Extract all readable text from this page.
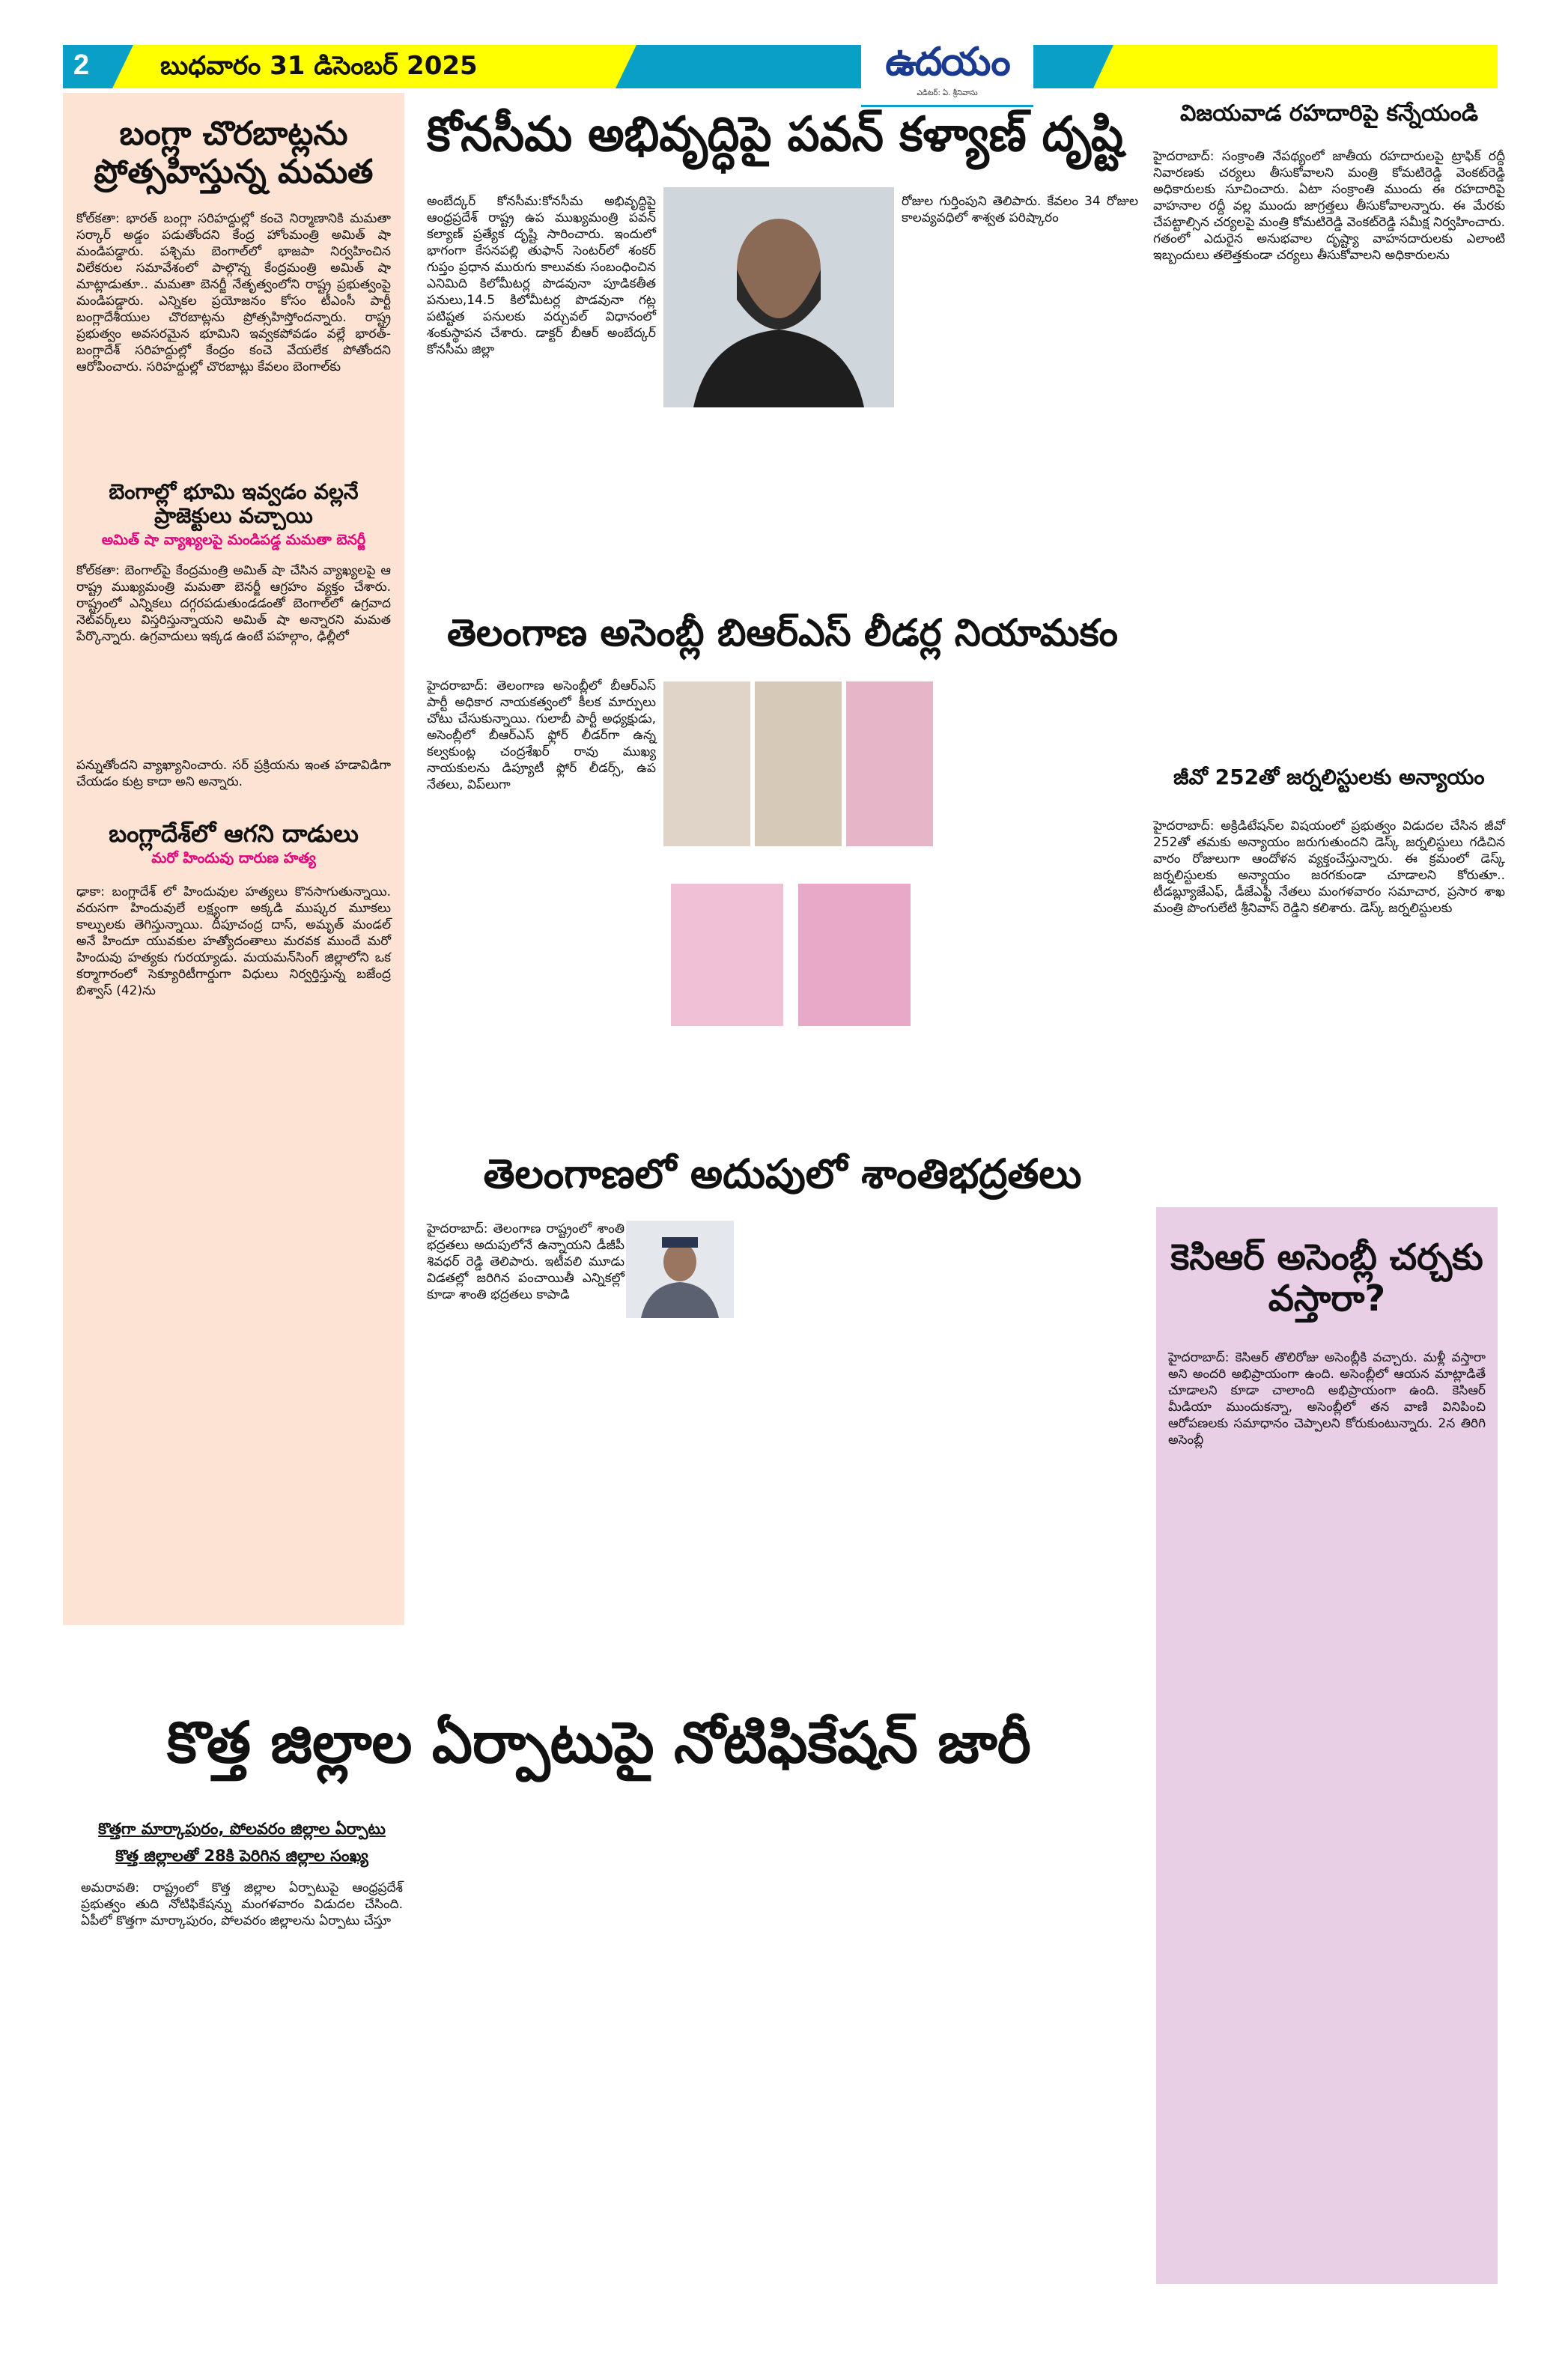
2	బుధవారం 31 డిసెంబర్ 2025	ఉదయం
ఎడిటర్: ఏ. శ్రీనివాసు
బంగ్లా చొరబాట్లను ప్రోత్సహిస్తున్న మమత
కోల్‌కతా: భారత్ బంగ్లా సరిహద్దుల్లో కంచె నిర్మాణానికి మమతా సర్కార్ అడ్డం పడుతోందని కేంద్ర హోంమంత్రి అమిత్ షా మండిపడ్డారు. పశ్చిమ బెంగాల్‌లో భాజపా నిర్వహించిన విలేకరుల సమావేశంలో పాల్గొన్న కేంద్రమంత్రి అమిత్ షా మాట్లాడుతూ.. మమతా బెనర్జీ నేతృత్వంలోని రాష్ట్ర ప్రభుత్వంపై మండిపడ్డారు. ఎన్నికల ప్రయోజనం కోసం టీఎంసీ పార్టీ బంగ్లాదేశీయుల చొరబాట్లను ప్రోత్సహిస్తోందన్నారు. రాష్ట్ర ప్రభుత్వం అవసరమైన భూమిని ఇవ్వకపోవడం వల్లే భారత్-బంగ్లాదేశ్ సరిహద్దుల్లో కేంద్రం కంచె వేయలేక పోతోందని ఆరోపించారు. సరిహద్దుల్లో చొరబాట్లు కేవలం బెంగాల్‌కు
బెంగాల్లో భూమి ఇవ్వడం వల్లనే ప్రాజెక్టులు వచ్చాయి
అమిత్ షా వ్యాఖ్యలపై మండిపడ్డ మమతా బెనర్జీ
కోల్‌కతా: బెంగాల్‌పై కేంద్రమంత్రి అమిత్ షా చేసిన వ్యాఖ్యలపై ఆ రాష్ట్ర ముఖ్యమంత్రి మమతా బెనర్జీ ఆగ్రహం వ్యక్తం చేశారు. రాష్ట్రంలో ఎన్నికలు దగ్గరపడుతుండడంతో బెంగాల్‌లో ఉగ్రవాద నెట్‌వర్క్‌లు విస్తరిస్తున్నాయని అమిత్ షా అన్నారని మమత పేర్కొన్నారు. ఉగ్రవాదులు ఇక్కడ ఉంటే పహల్గాం, ఢిల్లీలో
పన్నుతోందని వ్యాఖ్యానించారు. సర్ ప్రక్రియను ఇంత హడావిడిగా చేయడం కుట్ర కాదా అని అన్నారు.
బంగ్లాదేశ్‌లో ఆగని దాడులు
మరో హిందువు దారుణ హత్య
ఢాకా: బంగ్లాదేశ్ లో హిందువుల హత్యలు కొనసాగుతున్నాయి. వరుసగా హిందువులే లక్ష్యంగా అక్కడి ముష్కర మూకలు కాల్పులకు తెగిస్తున్నాయి. దీపూచంద్ర దాస్, అమృత్ మండల్ అనే హిందూ యువకుల హత్యోదంతాలు మరవక ముందే మరో హిందువు హత్యకు గురయ్యాడు. మయమన్‌సింగ్ జిల్లాలోని ఒక కర్మాగారంలో సెక్యూరిటీగార్డుగా విధులు నిర్వర్తిస్తున్న బజేంద్ర బిశ్వాస్ (42)ను
కోనసీమ అభివృద్ధిపై పవన్ కళ్యాణ్ దృష్టి
అంబేద్కర్ కోనసీమ:కోనసీమ అభివృద్ధిపై ఆంధ్రప్రదేశ్ రాష్ట్ర ఉప ముఖ్యమంత్రి పవన్ కల్యాణ్ ప్రత్యేక దృష్టి సారించారు. ఇందులో భాగంగా కేసనపల్లి తుఫాన్ సెంటర్‌లో శంకర్ గుప్తం ప్రధాన మురుగు కాలువకు సంబంధించిన ఎనిమిది కిలోమీటర్ల పొడవునా పూడికతీత పనులు,14.5 కిలోమీటర్ల పొడవునా గట్ల పటిష్టత పనులకు వర్చువల్ విధానంలో శంకుస్థాపన చేశారు. డాక్టర్ బీఆర్ అంబేద్కర్ కోనసీమ జిల్లా
రోజుల గుర్తింపుని తెలిపారు. కేవలం 34 రోజుల కాలవ్యవధిలో శాశ్వత పరిష్కారం
విజయవాడ రహదారిపై కన్నేయండి
హైదరాబాద్: సంక్రాంతి నేపథ్యంలో జాతీయ రహదారులపై ట్రాఫిక్ రద్దీ నివారణకు చర్యలు తీసుకోవాలని మంత్రి కోమటిరెడ్డి వెంకట్‌రెడ్డి అధికారులకు సూచించారు. ఏటా సంక్రాంతి ముందు ఈ రహదారిపై వాహనాల రద్దీ వల్ల ముందు జాగ్రత్తలు తీసుకోవాలన్నారు. ఈ మేరకు చేపట్టాల్సిన చర్యలపై మంత్రి కోమటిరెడ్డి వెంకట్‌రెడ్డి సమీక్ష నిర్వహించారు. గతంలో ఎదురైన అనుభవాల దృష్ట్యా వాహనదారులకు ఎలాంటి ఇబ్బందులు తలెత్తకుండా చర్యలు తీసుకోవాలని అధికారులను
తెలంగాణ అసెంబ్లీ బిఆర్ఎస్ లీడర్ల నియామకం
హైదరాబాద్: తెలంగాణ అసెంబ్లీలో బీఆర్ఎస్ పార్టీ అధికార నాయకత్వంలో కీలక మార్పులు చోటు చేసుకున్నాయి. గులాబీ పార్టీ అధ్యక్షుడు, అసెంబ్లీలో బీఆర్ఎస్ ఫ్లోర్ లీడర్‌గా ఉన్న కల్వకుంట్ల చంద్రశేఖర్ రావు ముఖ్య నాయకులను డిప్యూటీ ఫ్లోర్ లీడర్స్, ఉప నేతలు, విప్‌లుగా
తెలంగాణలో అదుపులో శాంతిభద్రతలు
హైదరాబాద్: తెలంగాణ రాష్ట్రంలో శాంతి భద్రతలు అదుపులోనే ఉన్నాయని డీజీపీ శివధర్ రెడ్డి తెలిపారు. ఇటీవలి మూడు విడతల్లో జరిగిన పంచాయితీ ఎన్నికల్లో కూడా శాంతి భద్రతలు కాపాడి
జీవో 252తో జర్నలిస్టులకు అన్యాయం
హైదరాబాద్: అక్రిడిటేషన్‌ల విషయంలో ప్రభుత్వం విడుదల చేసిన జీవో 252తో తమకు అన్యాయం జరుగుతుందని డెస్క్ జర్నలిస్టులు గడిచిన వారం రోజులుగా ఆందోళన వ్యక్తంచేస్తున్నారు. ఈ క్రమంలో డెస్క్ జర్నలిస్టులకు అన్యాయం జరగకుండా చూడాలని కోరుతూ.. టీడబ్ల్యూజేఎఫ్, డీజేఎఫ్టీ నేతలు మంగళవారం సమాచార, ప్రసార శాఖ మంత్రి పొంగులేటి శ్రీనివాస్ రెడ్డిని కలిశారు. డెస్క్ జర్నలిస్టులకు
కెసిఆర్ అసెంబ్లీ చర్చకు వస్తారా?
హైదరాబాద్: కెసిఆర్ తొలిరోజు అసెంబ్లీకి వచ్చారు. మళ్లీ వస్తారా అని అందరి అభిప్రాయంగా ఉంది. అసెంబ్లీలో ఆయన మాట్లాడితే చూడాలని కూడా చాలాంది అభిప్రాయంగా ఉంది. కెసిఆర్ మీడియా ముందుకన్నా, అసెంబ్లీలో తన వాణి వినిపించి ఆరోపణలకు సమాధానం చెప్పాలని కోరుకుంటున్నారు. 2న తిరిగి అసెంబ్లీ
కొత్త జిల్లాల ఏర్పాటుపై నోటిఫికేషన్ జారీ
కొత్తగా మార్కాపురం, పోలవరం జిల్లాల ఏర్పాటు
కొత్త జిల్లాలతో 28కి పెరిగిన జిల్లాల సంఖ్య
అమరావతి: రాష్ట్రంలో కొత్త జిల్లాల ఏర్పాటుపై ఆంధ్రప్రదేశ్ ప్రభుత్వం తుది నోటిఫికేషన్ను మంగళవారం విడుదల చేసింది. ఏపీలో కొత్తగా మార్కాపురం, పోలవరం జిల్లాలను ఏర్పాటు చేస్తూ
